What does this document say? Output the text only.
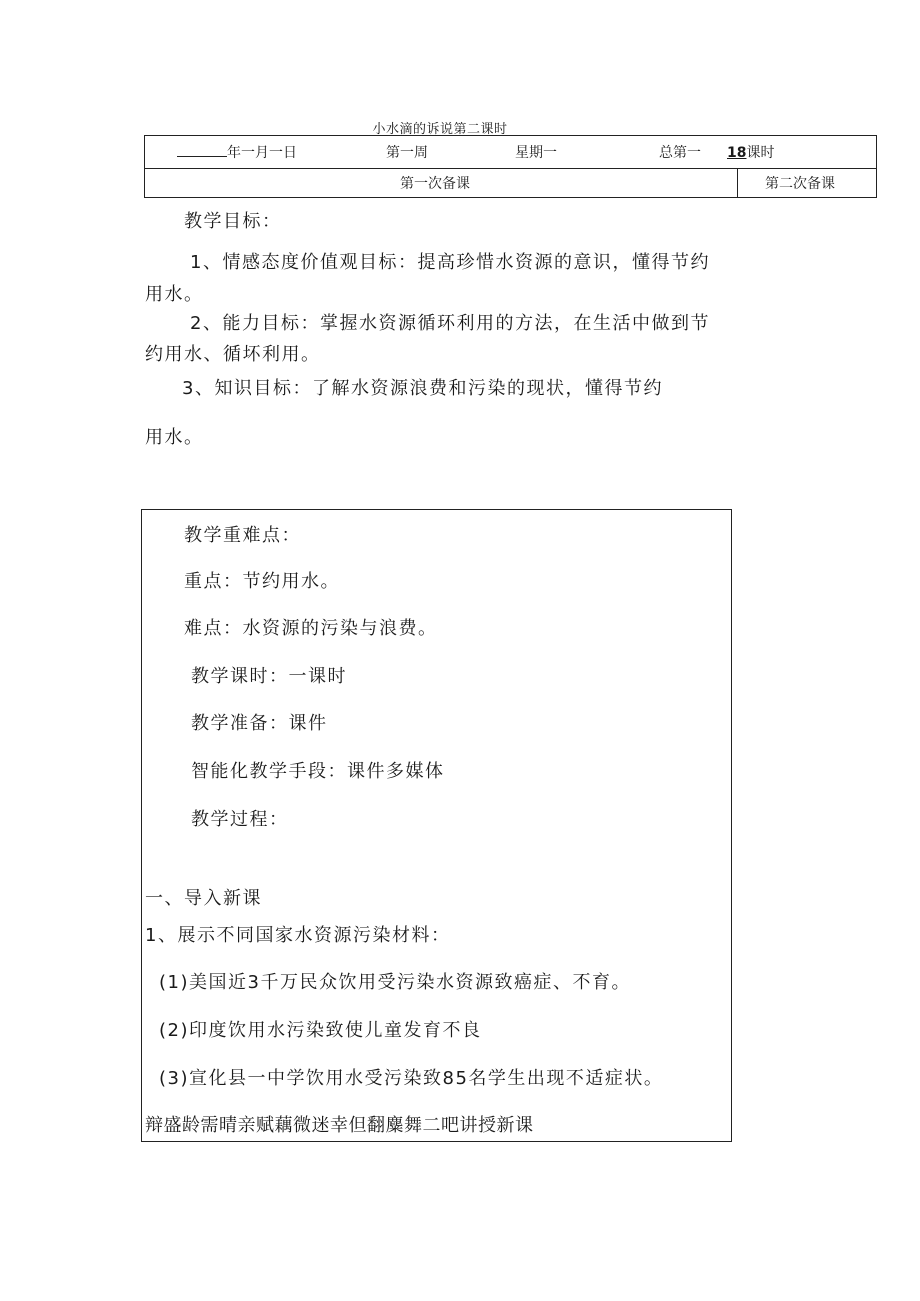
小水滴的诉说第二课时
年一月一日	第一周	星期一	总第一 18课时
第一次备课	第二次备课
教学目标：
1、情感态度价值观目标：提高珍惜水资源的意识，懂得节约
用水。
2、能力目标：掌握水资源循环利用的方法，在生活中做到节
约用水、循坏利用。
3、知识目标：了解水资源浪费和污染的现状，懂得节约
用水。
教学重难点：
重点：节约用水。
难点：水资源的污染与浪费。
教学课时：一课时
教学准备：课件
智能化教学手段：课件多媒体
教学过程：
一、导入新课
1、展示不同国家水资源污染材料：
(1)美国近3千万民众饮用受污染水资源致癌症、不育。
(2)印度饮用水污染致使儿童发育不良
(3)宣化县一中学饮用水受污染致85名学生出现不适症状。
辩盛龄需晴亲赋藕微迷幸但翻麋舞二吧讲授新课
